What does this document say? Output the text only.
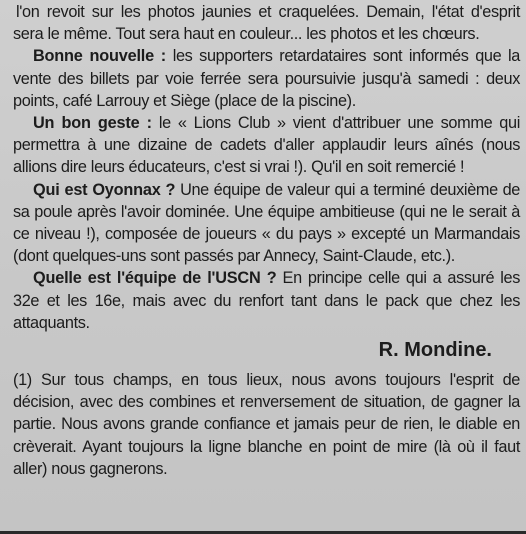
l'on revoit sur les photos jaunies et craquelées. Demain, l'état d'esprit sera le même. Tout sera haut en couleur... les photos et les chœurs.

Bonne nouvelle : les supporters retardataires sont informés que la vente des billets par voie ferrée sera poursuivie jusqu'à samedi : deux points, café Larrouy et Siège (place de la piscine).

Un bon geste : le « Lions Club » vient d'attribuer une somme qui permettra à une dizaine de cadets d'aller applaudir leurs aînés (nous allions dire leurs éducateurs, c'est si vrai !). Qu'il en soit remercié !

Qui est Oyonnax ? Une équipe de valeur qui a terminé deuxième de sa poule après l'avoir dominée. Une équipe ambitieuse (qui ne le serait à ce niveau !), composée de joueurs « du pays » excepté un Marmandais (dont quelques-uns sont passés par Annecy, Saint-Claude, etc.).

Quelle est l'équipe de l'USCN ? En principe celle qui a assuré les 32e et les 16e, mais avec du renfort tant dans le pack que chez les attaquants.

R. Mondine.

(1) Sur tous champs, en tous lieux, nous avons toujours l'esprit de décision, avec des combines et renversement de situation, de gagner la partie. Nous avons grande confiance et jamais peur de rien, le diable en crèverait. Ayant toujours la ligne blanche en point de mire (là où il faut aller) nous gagnerons.
